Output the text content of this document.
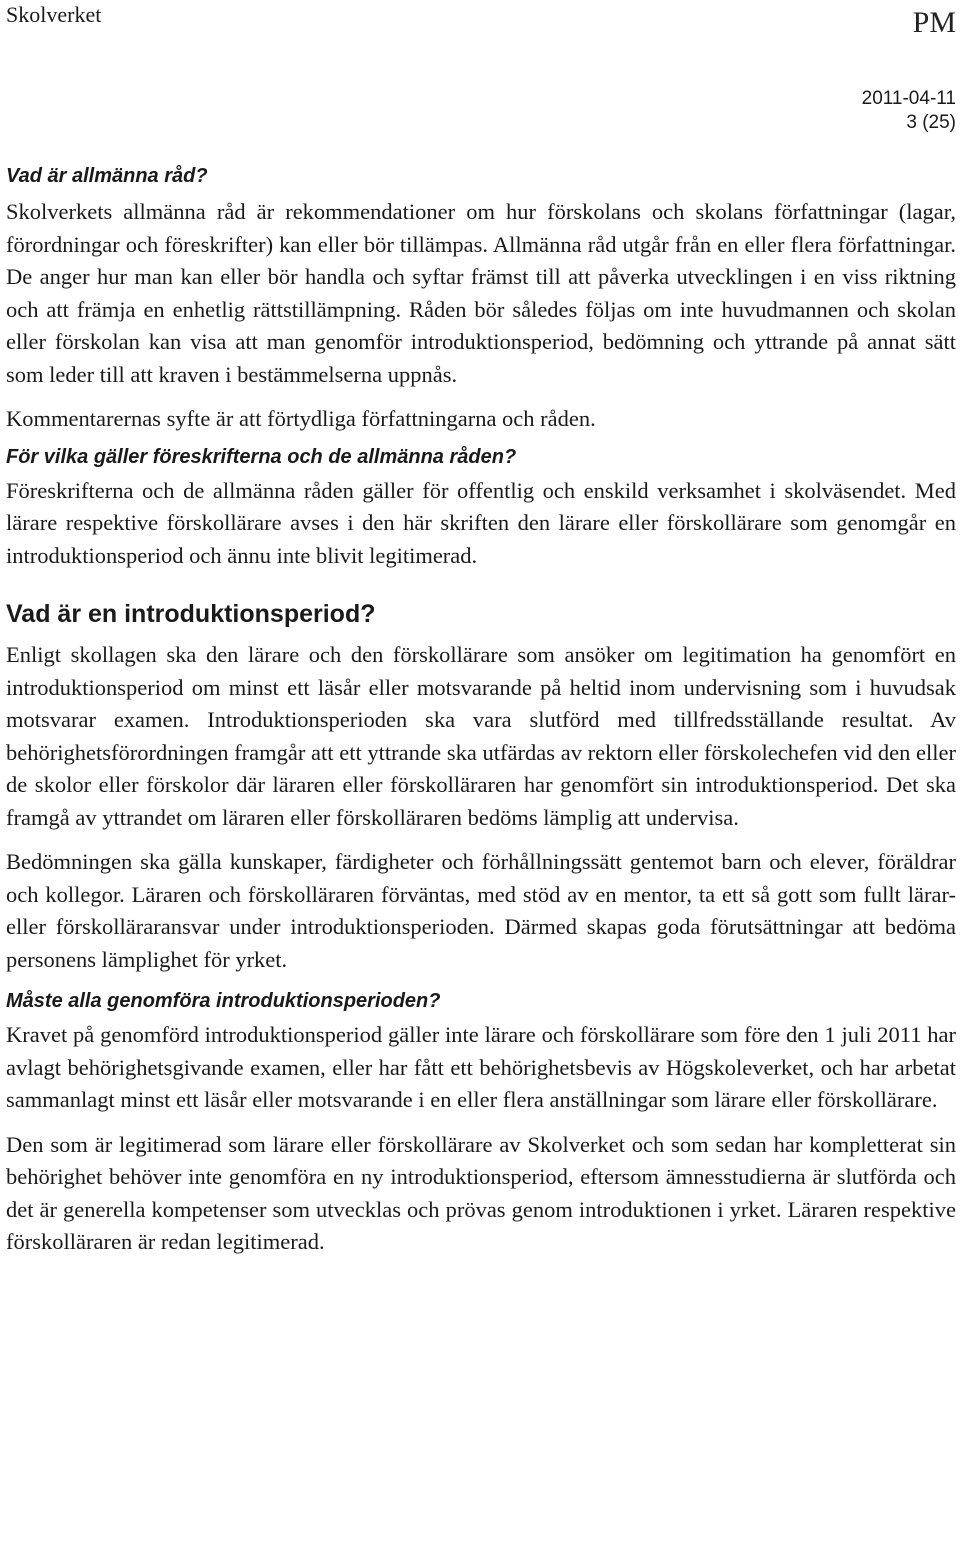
Skolverket	PM
2011-04-11
3 (25)
Vad är allmänna råd?

Skolverkets allmänna råd är rekommendationer om hur förskolans och skolans författningar (lagar, förordningar och föreskrifter) kan eller bör tillämpas. Allmänna råd utgår från en eller flera författningar. De anger hur man kan eller bör handla och syftar främst till att påverka utvecklingen i en viss riktning och att främja en enhetlig rättstillämpning. Råden bör således följas om inte huvudmannen och skolan eller förskolan kan visa att man genomför introduktionsperiod, bedömning och yttrande på annat sätt som leder till att kraven i bestämmelserna uppnås.

Kommentarernas syfte är att förtydliga författningarna och råden.

För vilka gäller föreskrifterna och de allmänna råden?

Föreskrifterna och de allmänna råden gäller för offentlig och enskild verksamhet i skolväsendet. Med lärare respektive förskollärare avses i den här skriften den lärare eller förskollärare som genomgår en introduktionsperiod och ännu inte blivit legitimerad.

Vad är en introduktionsperiod?

Enligt skollagen ska den lärare och den förskollärare som ansöker om legitimation ha genomfört en introduktionsperiod om minst ett läsår eller motsvarande på heltid inom undervisning som i huvudsak motsvarar examen. Introduktionsperioden ska vara slutförd med tillfredsställande resultat. Av behörighetsförordningen framgår att ett yttrande ska utfärdas av rektorn eller förskolechefen vid den eller de skolor eller förskolor där läraren eller förskolläraren har genomfört sin introduktionsperiod. Det ska framgå av yttrandet om läraren eller förskolläraren bedöms lämplig att undervisa.

Bedömningen ska gälla kunskaper, färdigheter och förhållningssätt gentemot barn och elever, föräldrar och kollegor. Läraren och förskolläraren förväntas, med stöd av en mentor, ta ett så gott som fullt lärar- eller förskolläraransvar under introduktionsperioden. Därmed skapas goda förutsättningar att bedöma personens lämplighet för yrket.

Måste alla genomföra introduktionsperioden?

Kravet på genomförd introduktionsperiod gäller inte lärare och förskollärare som före den 1 juli 2011 har avlagt behörighetsgivande examen, eller har fått ett behörighetsbevis av Högskoleverket, och har arbetat sammanlagt minst ett läsår eller motsvarande i en eller flera anställningar som lärare eller förskollärare.

Den som är legitimerad som lärare eller förskollärare av Skolverket och som sedan har kompletterat sin behörighet behöver inte genomföra en ny introduktionsperiod, eftersom ämnesstudierna är slutförda och det är generella kompetenser som utvecklas och prövas genom introduktionen i yrket. Läraren respektive förskolläraren är redan legitimerad.
